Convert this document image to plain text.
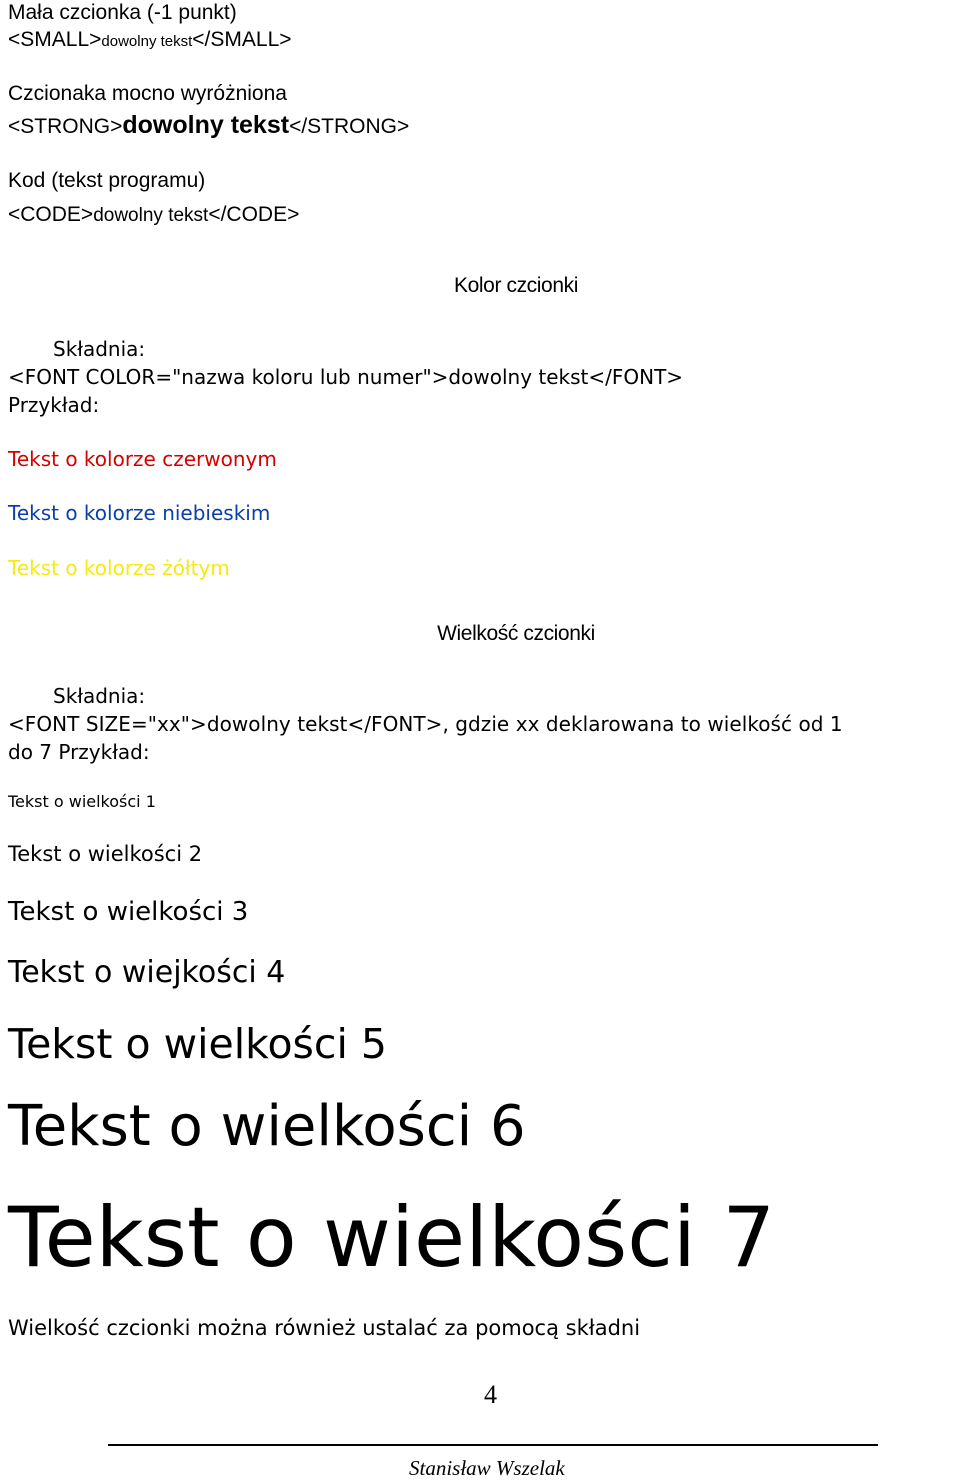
Mała czcionka (-1 punkt)
<SMALL>dowolny tekst</SMALL>
Czcionaka mocno wyróżniona
<STRONG>dowolny tekst</STRONG>
Kod (tekst programu)
<CODE>dowolny tekst</CODE>
Kolor czcionki
Składnia:
<FONT COLOR="nazwa koloru lub numer">dowolny tekst</FONT>
Przykład:
Tekst o kolorze czerwonym
Tekst o kolorze niebieskim
Tekst o kolorze żółtym
Wielkość czcionki
Składnia:
<FONT SIZE="xx">dowolny tekst</FONT>, gdzie xx deklarowana to wielkość od 1
do 7 Przykład:
Tekst o wielkości 1
Tekst o wielkości 2
Tekst o wielkości 3
Tekst o wiejkości 4
Tekst o wielkości 5
Tekst o wielkości 6
Tekst o wielkości 7
Wielkość czcionki można również ustalać za pomocą składni
4
Stanisław Wszelak
